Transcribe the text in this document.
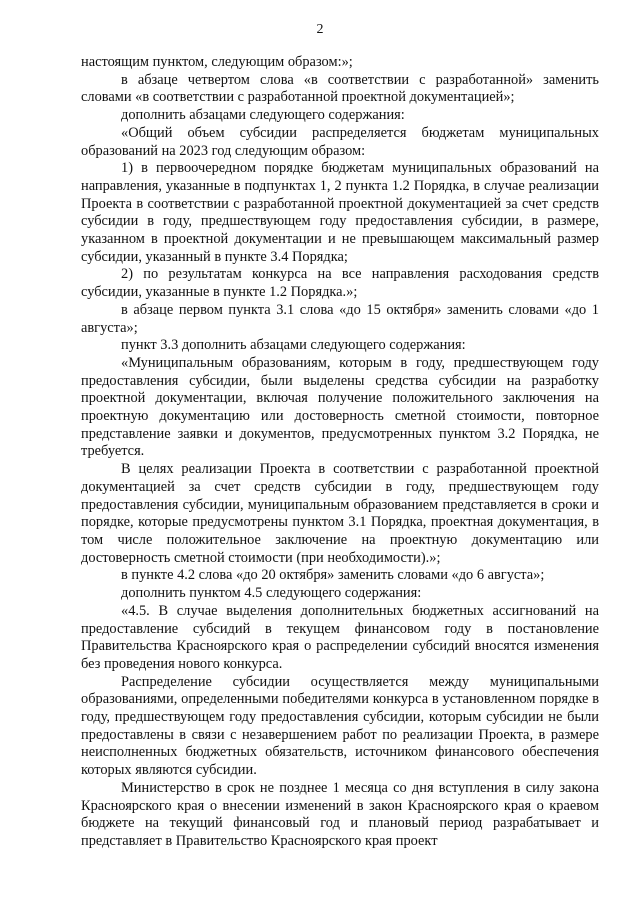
2

настоящим пунктом, следующим образом:»;

в абзаце четвертом слова «в соответствии с разработанной» заменить словами «в соответствии с разработанной проектной документацией»;

дополнить абзацами следующего содержания:

«Общий объем субсидии распределяется бюджетам муниципальных образований на 2023 год следующим образом:

1) в первоочередном порядке бюджетам муниципальных образований на направления, указанные в подпунктах 1, 2 пункта 1.2 Порядка, в случае реализации Проекта в соответствии с разработанной проектной документацией за счет средств субсидии в году, предшествующем году предоставления субсидии, в размере, указанном в проектной документации и не превышающем максимальный размер субсидии, указанный в пункте 3.4 Порядка;

2) по результатам конкурса на все направления расходования средств субсидии, указанные в пункте 1.2 Порядка.»;

в абзаце первом пункта 3.1 слова «до 15 октября» заменить словами «до 1 августа»;

пункт 3.3 дополнить абзацами следующего содержания:

«Муниципальным образованиям, которым в году, предшествующем году предоставления субсидии, были выделены средства субсидии на разработку проектной документации, включая получение положительного заключения на проектную документацию или достоверность сметной стоимости, повторное представление заявки и документов, предусмотренных пунктом 3.2 Порядка, не требуется.

В целях реализации Проекта в соответствии с разработанной проектной документацией за счет средств субсидии в году, предшествующем году предоставления субсидии, муниципальным образованием представляется в сроки и порядке, которые предусмотрены пунктом 3.1 Порядка, проектная документация, в том числе положительное заключение на проектную документацию или достоверность сметной стоимости (при необходимости).»;

в пункте 4.2 слова «до 20 октября» заменить словами «до 6 августа»;

дополнить пунктом 4.5 следующего содержания:

«4.5. В случае выделения дополнительных бюджетных ассигнований на предоставление субсидий в текущем финансовом году в постановление Правительства Красноярского края о распределении субсидий вносятся изменения без проведения нового конкурса.

Распределение субсидии осуществляется между муниципальными образованиями, определенными победителями конкурса в установленном порядке в году, предшествующем году предоставления субсидии, которым субсидии не были предоставлены в связи с незавершением работ по реализации Проекта, в размере неисполненных бюджетных обязательств, источником финансового обеспечения которых являются субсидии.

Министерство в срок не позднее 1 месяца со дня вступления в силу закона Красноярского края о внесении изменений в закон Красноярского края о краевом бюджете на текущий финансовый год и плановый период разрабатывает и представляет в Правительство Красноярского края проект
